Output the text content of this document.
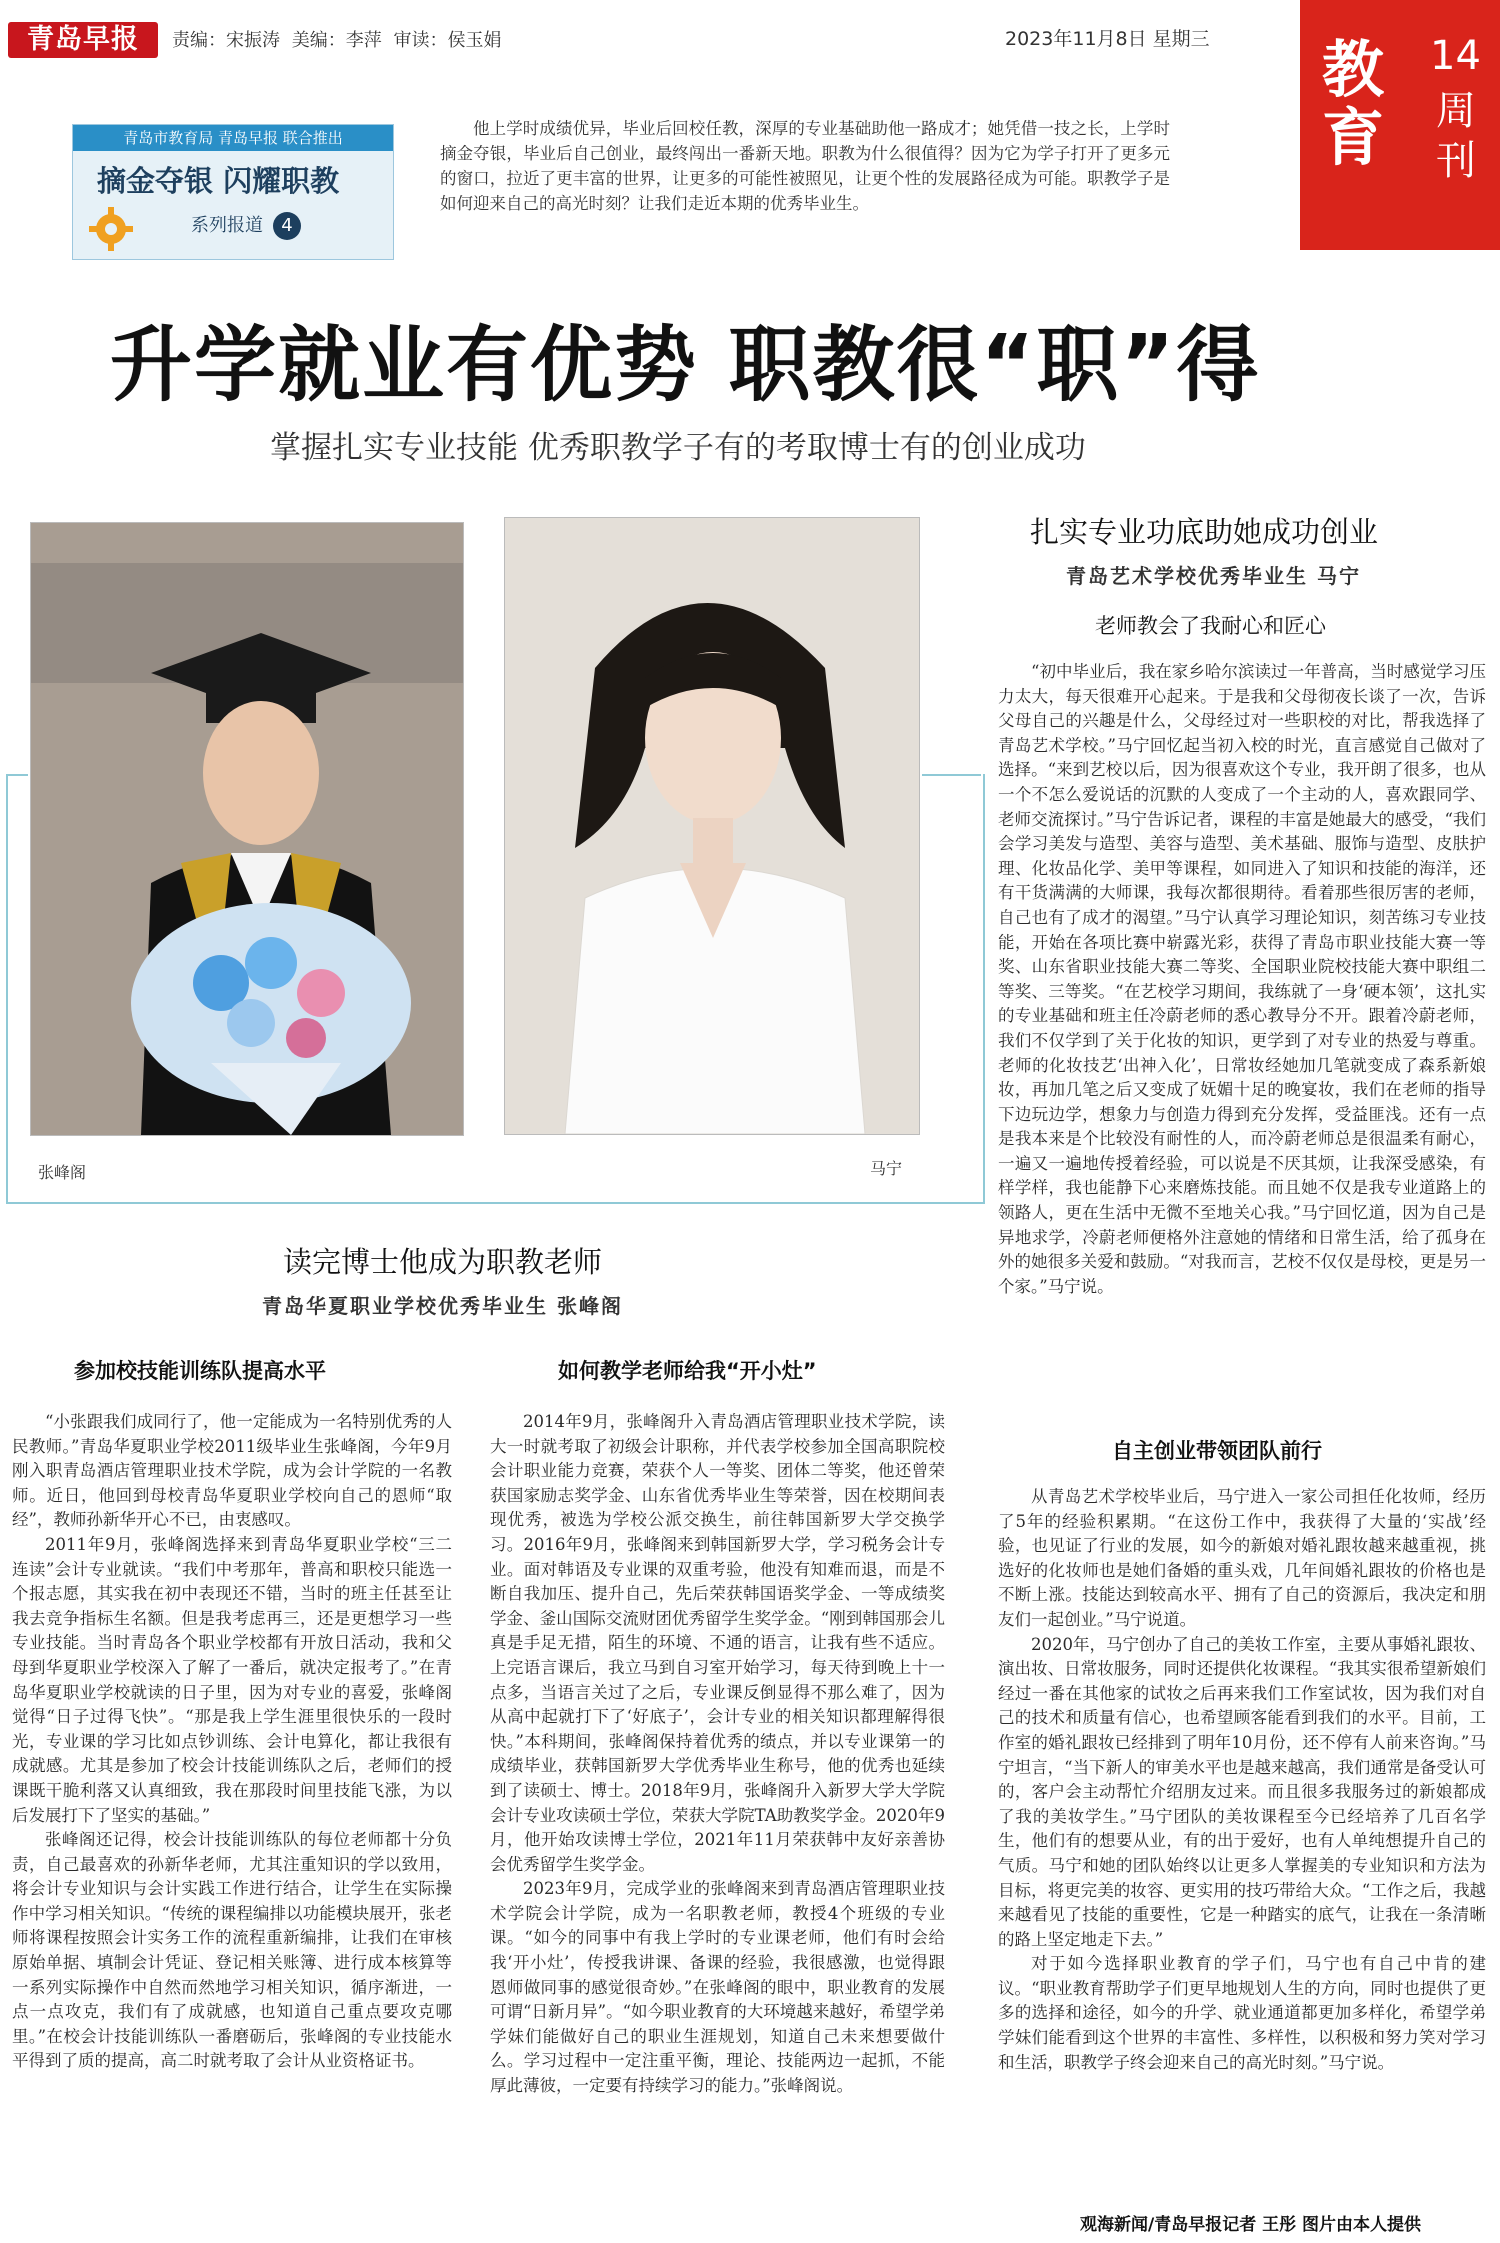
青岛早报	责编：宋振涛 美编：李萍 审读：侯玉娟	2023年11月8日 星期三 教育
14
周刊
青岛市教育局 青岛早报 联合推出
摘金夺银 闪耀职教
系列报道 4
他上学时成绩优异，毕业后回校任教，深厚的专业基础助他一路成才；她凭借一技之长，上学时摘金夺银，毕业后自己创业，最终闯出一番新天地。职教为什么很值得？因为它为学子打开了更多元的窗口，拉近了更丰富的世界，让更多的可能性被照见，让更个性的发展路径成为可能。职教学子是如何迎来自己的高光时刻？让我们走近本期的优秀毕业生。
升学就业有优势 职教很“职”得
掌握扎实专业技能 优秀职教学子有的考取博士有的创业成功
张峰阁	马宁
读完博士他成为职教老师
青岛华夏职业学校优秀毕业生 张峰阁
参加校技能训练队提高水平

“小张跟我们成同行了，他一定能成为一名特别优秀的人民教师。”青岛华夏职业学校2011级毕业生张峰阁，今年9月刚入职青岛酒店管理职业技术学院，成为会计学院的一名教师。近日，他回到母校青岛华夏职业学校向自己的恩师“取经”，教师孙新华开心不已，由衷感叹。

2011年9月，张峰阁选择来到青岛华夏职业学校“三二连读”会计专业就读。“我们中考那年，普高和职校只能选一个报志愿，其实我在初中表现还不错，当时的班主任甚至让我去竞争指标生名额。但是我考虑再三，还是更想学习一些专业技能。当时青岛各个职业学校都有开放日活动，我和父母到华夏职业学校深入了解了一番后，就决定报考了。”在青岛华夏职业学校就读的日子里，因为对专业的喜爱，张峰阁觉得“日子过得飞快”。“那是我上学生涯里很快乐的一段时光，专业课的学习比如点钞训练、会计电算化，都让我很有成就感。尤其是参加了校会计技能训练队之后，老师们的授课既干脆利落又认真细致，我在那段时间里技能飞涨，为以后发展打下了坚实的基础。”

张峰阁还记得，校会计技能训练队的每位老师都十分负责，自己最喜欢的孙新华老师，尤其注重知识的学以致用，将会计专业知识与会计实践工作进行结合，让学生在实际操作中学习相关知识。“传统的课程编排以功能模块展开，张老师将课程按照会计实务工作的流程重新编排，让我们在审核原始单据、填制会计凭证、登记相关账簿、进行成本核算等一系列实际操作中自然而然地学习相关知识，循序渐进，一点一点攻克，我们有了成就感，也知道自己重点要攻克哪里。”在校会计技能训练队一番磨砺后，张峰阁的专业技能水平得到了质的提高，高二时就考取了会计从业资格证书。

如何教学老师给我“开小灶”

2014年9月，张峰阁升入青岛酒店管理职业技术学院，读大一时就考取了初级会计职称，并代表学校参加全国高职院校会计职业能力竞赛，荣获个人一等奖、团体二等奖，他还曾荣获国家励志奖学金、山东省优秀毕业生等荣誉，因在校期间表现优秀，被选为学校公派交换生，前往韩国新罗大学交换学习。2016年9月，张峰阁来到韩国新罗大学，学习税务会计专业。面对韩语及专业课的双重考验，他没有知难而退，而是不断自我加压、提升自己，先后荣获韩国语奖学金、一等成绩奖学金、釜山国际交流财团优秀留学生奖学金。“刚到韩国那会儿真是手足无措，陌生的环境、不通的语言，让我有些不适应。上完语言课后，我立马到自习室开始学习，每天待到晚上十一点多，当语言关过了之后，专业课反倒显得不那么难了，因为从高中起就打下了‘好底子’，会计专业的相关知识都理解得很快。”本科期间，张峰阁保持着优秀的绩点，并以专业课第一的成绩毕业，获韩国新罗大学优秀毕业生称号，他的优秀也延续到了读硕士、博士。2018年9月，张峰阁升入新罗大学大学院会计专业攻读硕士学位，荣获大学院TA助教奖学金。2020年9月，他开始攻读博士学位，2021年11月荣获韩中友好亲善协会优秀留学生奖学金。

2023年9月，完成学业的张峰阁来到青岛酒店管理职业技术学院会计学院，成为一名职教老师，教授4个班级的专业课。“如今的同事中有我上学时的专业课老师，他们有时会给我‘开小灶’，传授我讲课、备课的经验，我很感激，也觉得跟恩师做同事的感觉很奇妙。”在张峰阁的眼中，职业教育的发展可谓“日新月异”。“如今职业教育的大环境越来越好，希望学弟学妹们能做好自己的职业生涯规划，知道自己未来想要做什么。学习过程中一定注重平衡，理论、技能两边一起抓，不能厚此薄彼，一定要有持续学习的能力。”张峰阁说。

扎实专业功底助她成功创业
青岛艺术学校优秀毕业生 马宁
老师教会了我耐心和匠心

“初中毕业后，我在家乡哈尔滨读过一年普高，当时感觉学习压力太大，每天很难开心起来。于是我和父母彻夜长谈了一次，告诉父母自己的兴趣是什么，父母经过对一些职校的对比，帮我选择了青岛艺术学校。”马宁回忆起当初入校的时光，直言感觉自己做对了选择。“来到艺校以后，因为很喜欢这个专业，我开朗了很多，也从一个不怎么爱说话的沉默的人变成了一个主动的人，喜欢跟同学、老师交流探讨。”马宁告诉记者，课程的丰富是她最大的感受，“我们会学习美发与造型、美容与造型、美术基础、服饰与造型、皮肤护理、化妆品化学、美甲等课程，如同进入了知识和技能的海洋，还有干货满满的大师课，我每次都很期待。看着那些很厉害的老师，自己也有了成才的渴望。”马宁认真学习理论知识，刻苦练习专业技能，开始在各项比赛中崭露光彩，获得了青岛市职业技能大赛一等奖、山东省职业技能大赛二等奖、全国职业院校技能大赛中职组二等奖、三等奖。“在艺校学习期间，我练就了一身‘硬本领’，这扎实的专业基础和班主任冷蔚老师的悉心教导分不开。跟着冷蔚老师，我们不仅学到了关于化妆的知识，更学到了对专业的热爱与尊重。老师的化妆技艺‘出神入化’，日常妆经她加几笔就变成了森系新娘妆，再加几笔之后又变成了妩媚十足的晚宴妆，我们在老师的指导下边玩边学，想象力与创造力得到充分发挥，受益匪浅。还有一点是我本来是个比较没有耐性的人，而冷蔚老师总是很温柔有耐心，一遍又一遍地传授着经验，可以说是不厌其烦，让我深受感染，有样学样，我也能静下心来磨炼技能。而且她不仅是我专业道路上的领路人，更在生活中无微不至地关心我。”马宁回忆道，因为自己是异地求学，冷蔚老师便格外注意她的情绪和日常生活，给了孤身在外的她很多关爱和鼓励。“对我而言，艺校不仅仅是母校，更是另一个家。”马宁说。

自主创业带领团队前行

从青岛艺术学校毕业后，马宁进入一家公司担任化妆师，经历了5年的经验积累期。“在这份工作中，我获得了大量的‘实战’经验，也见证了行业的发展，如今的新娘对婚礼跟妆越来越重视，挑选好的化妆师也是她们备婚的重头戏，几年间婚礼跟妆的价格也是不断上涨。技能达到较高水平、拥有了自己的资源后，我决定和朋友们一起创业。”马宁说道。

2020年，马宁创办了自己的美妆工作室，主要从事婚礼跟妆、演出妆、日常妆服务，同时还提供化妆课程。“我其实很希望新娘们经过一番在其他家的试妆之后再来我们工作室试妆，因为我们对自己的技术和质量有信心，也希望顾客能看到我们的水平。目前，工作室的婚礼跟妆已经排到了明年10月份，还不停有人前来咨询。”马宁坦言，“当下新人的审美水平也是越来越高，我们通常是备受认可的，客户会主动帮忙介绍朋友过来。而且很多我服务过的新娘都成了我的美妆学生。”马宁团队的美妆课程至今已经培养了几百名学生，他们有的想要从业，有的出于爱好，也有人单纯想提升自己的气质。马宁和她的团队始终以让更多人掌握美的专业知识和方法为目标，将更完美的妆容、更实用的技巧带给大众。“工作之后，我越来越看见了技能的重要性，它是一种踏实的底气，让我在一条清晰的路上坚定地走下去。”

对于如今选择职业教育的学子们，马宁也有自己中肯的建议。“职业教育帮助学子们更早地规划人生的方向，同时也提供了更多的选择和途径，如今的升学、就业通道都更加多样化，希望学弟学妹们能看到这个世界的丰富性、多样性，以积极和努力笑对学习和生活，职教学子终会迎来自己的高光时刻。”马宁说。

观海新闻/青岛早报记者 王彤 图片由本人提供
